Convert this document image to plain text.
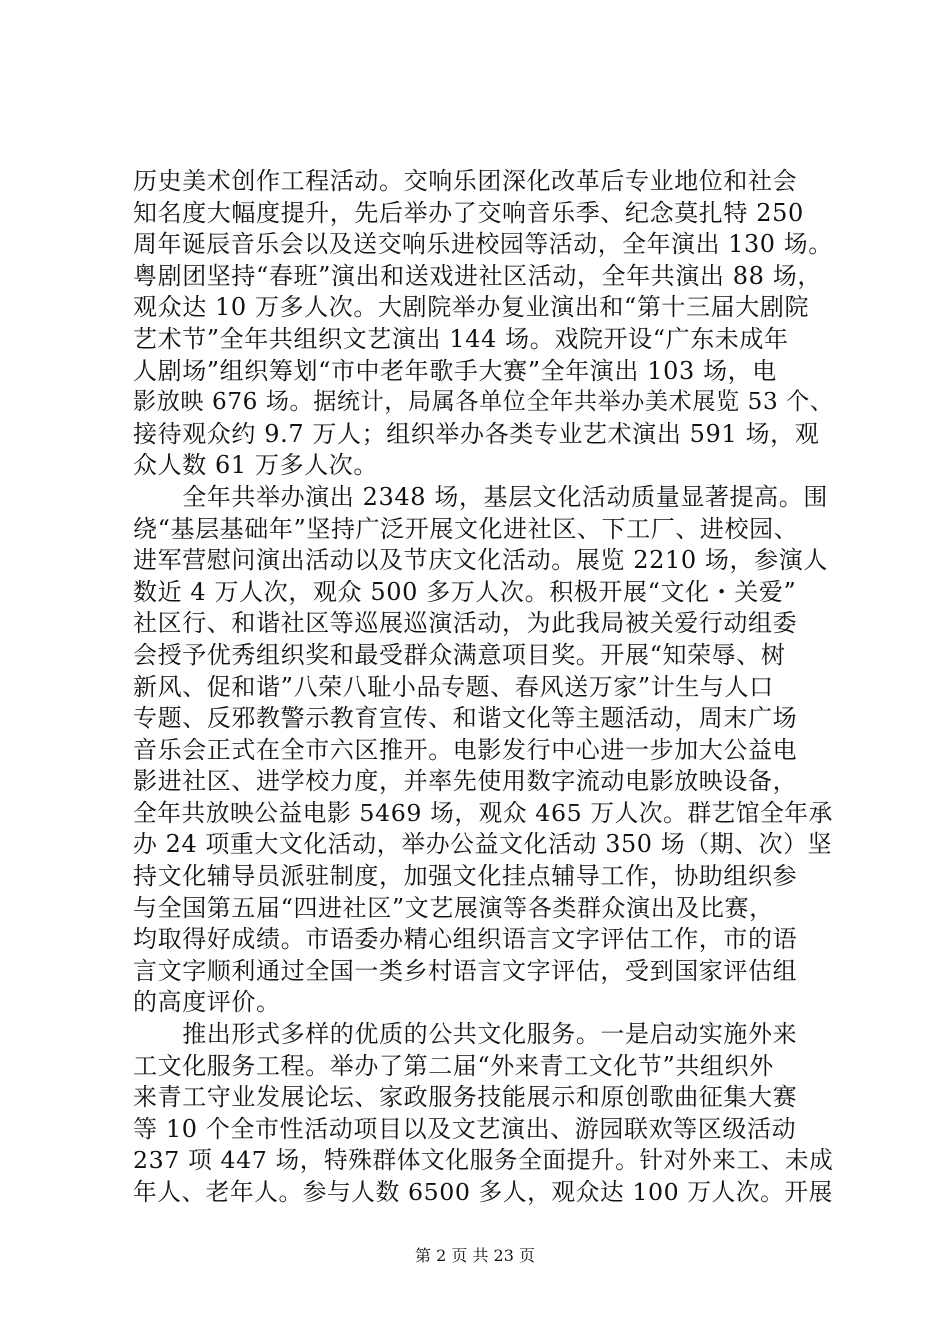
历史美术创作工程活动。交响乐团深化改革后专业地位和社会
知名度大幅度提升，先后举办了交响音乐季、纪念莫扎特 250
周年诞辰音乐会以及送交响乐进校园等活动，全年演出 130 场。
粤剧团坚持“春班”演出和送戏进社区活动，全年共演出 88 场，
观众达 10 万多人次。大剧院举办复业演出和“第十三届大剧院
艺术节”全年共组织文艺演出 144 场。戏院开设“广东未成年
人剧场”组织筹划“市中老年歌手大赛”全年演出 103 场，电
影放映 676 场。据统计，局属各单位全年共举办美术展览 53 个、
接待观众约 9.7 万人；组织举办各类专业艺术演出 591 场，观
众人数 61 万多人次。
　　全年共举办演出 2348 场，基层文化活动质量显著提高。围
绕“基层基础年”坚持广泛开展文化进社区、下工厂、进校园、
进军营慰问演出活动以及节庆文化活动。展览 2210 场，参演人
数近 4 万人次，观众 500 多万人次。积极开展“文化・关爱”
社区行、和谐社区等巡展巡演活动，为此我局被关爱行动组委
会授予优秀组织奖和最受群众满意项目奖。开展“知荣辱、树
新风、促和谐”八荣八耻小品专题、春风送万家”计生与人口
专题、反邪教警示教育宣传、和谐文化等主题活动，周末广场
音乐会正式在全市六区推开。电影发行中心进一步加大公益电
影进社区、进学校力度，并率先使用数字流动电影放映设备，
全年共放映公益电影 5469 场，观众 465 万人次。群艺馆全年承
办 24 项重大文化活动，举办公益文化活动 350 场（期、次）坚
持文化辅导员派驻制度，加强文化挂点辅导工作，协助组织参
与全国第五届“四进社区”文艺展演等各类群众演出及比赛，
均取得好成绩。市语委办精心组织语言文字评估工作，市的语
言文字顺利通过全国一类乡村语言文字评估，受到国家评估组
的高度评价。
　　推出形式多样的优质的公共文化服务。一是启动实施外来
工文化服务工程。举办了第二届“外来青工文化节”共组织外
来青工守业发展论坛、家政服务技能展示和原创歌曲征集大赛
等 10 个全市性活动项目以及文艺演出、游园联欢等区级活动
237 项 447 场，特殊群体文化服务全面提升。针对外来工、未成
年人、老年人。参与人数 6500 多人，观众达 100 万人次。开展
第 2 页 共 23 页
